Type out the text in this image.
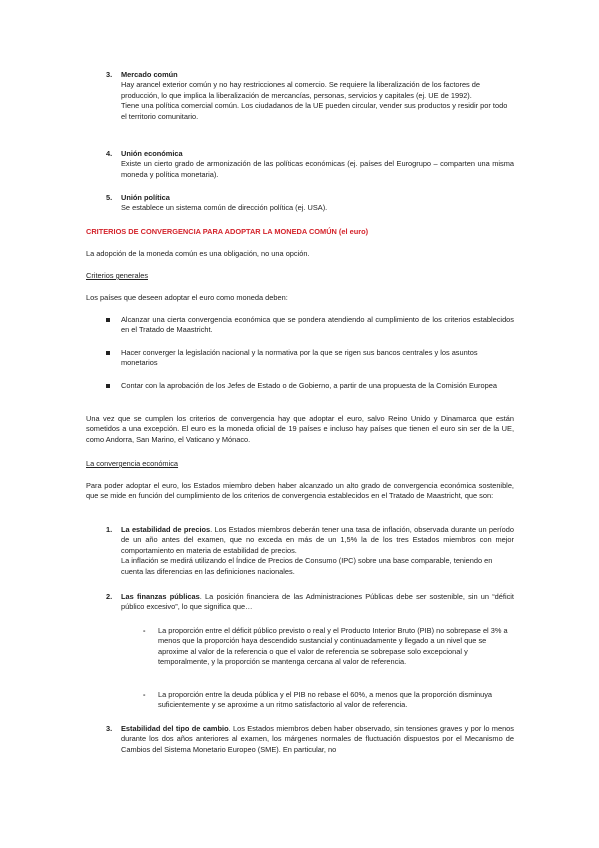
3. Mercado común

Hay arancel exterior común y no hay restricciones al comercio. Se requiere la liberalización de los factores de producción, lo que implica la liberalización de mercancías, personas, servicios y capitales (ej. UE de 1992).

Tiene una política comercial común. Los ciudadanos de la UE pueden circular, vender sus productos y residir por todo el territorio comunitario.

4. Unión económica

Existe un cierto grado de armonización de las políticas económicas (ej. países del Eurogrupo – comparten una misma moneda y política monetaria).

5. Unión política

Se establece un sistema común de dirección política (ej. USA).

CRITERIOS DE CONVERGENCIA PARA ADOPTAR LA MONEDA COMÚN (el euro)
La adopción de la moneda común es una obligación, no una opción.
Criterios generales
Los países que deseen adoptar el euro como moneda deben:
Alcanzar una cierta convergencia económica que se pondera atendiendo al cumplimiento de los criterios establecidos en el Tratado de Maastricht.
Hacer converger la legislación nacional y la normativa por la que se rigen sus bancos centrales y los asuntos monetarios
Contar con la aprobación de los Jefes de Estado o de Gobierno, a partir de una propuesta de la Comisión Europea
Una vez que se cumplen los criterios de convergencia hay que adoptar el euro, salvo Reino Unido y Dinamarca que están sometidos a una excepción. El euro es la moneda oficial de 19 países e incluso hay países que tienen el euro sin ser de la UE, como Andorra, San Marino, el Vaticano y Mónaco.
La convergencia económica
Para poder adoptar el euro, los Estados miembro deben haber alcanzado un alto grado de convergencia económica sostenible, que se mide en función del cumplimiento de los criterios de convergencia establecidos en el Tratado de Maastricht, que son:
1. La estabilidad de precios. Los Estados miembros deberán tener una tasa de inflación, observada durante un período de un año antes del examen, que no exceda en más de un 1,5% la de los tres Estados miembros con mejor comportamiento en materia de estabilidad de precios.

La inflación se medirá utilizando el Índice de Precios de Consumo (IPC) sobre una base comparable, teniendo en cuenta las diferencias en las definiciones nacionales.

2. Las finanzas públicas. La posición financiera de las Administraciones Públicas debe ser sostenible, sin un “déficit público excesivo”, lo que significa que…

- La proporción entre el déficit público previsto o real y el Producto Interior Bruto (PIB) no sobrepase el 3% a menos que la proporción haya descendido sustancial y continuadamente y llegado a un nivel que se aproxime al valor de la referencia o que el valor de referencia se sobrepase solo excepcional y temporalmente, y la proporción se mantenga cercana al valor de referencia.
- La proporción entre la deuda pública y el PIB no rebase el 60%, a menos que la proporción disminuya suficientemente y se aproxime a un ritmo satisfactorio al valor de referencia.
3. Estabilidad del tipo de cambio. Los Estados miembros deben haber observado, sin tensiones graves y por lo menos durante los dos años anteriores al examen, los márgenes normales de fluctuación dispuestos por el Mecanismo de Cambios del Sistema Monetario Europeo (SME). En particular, no
